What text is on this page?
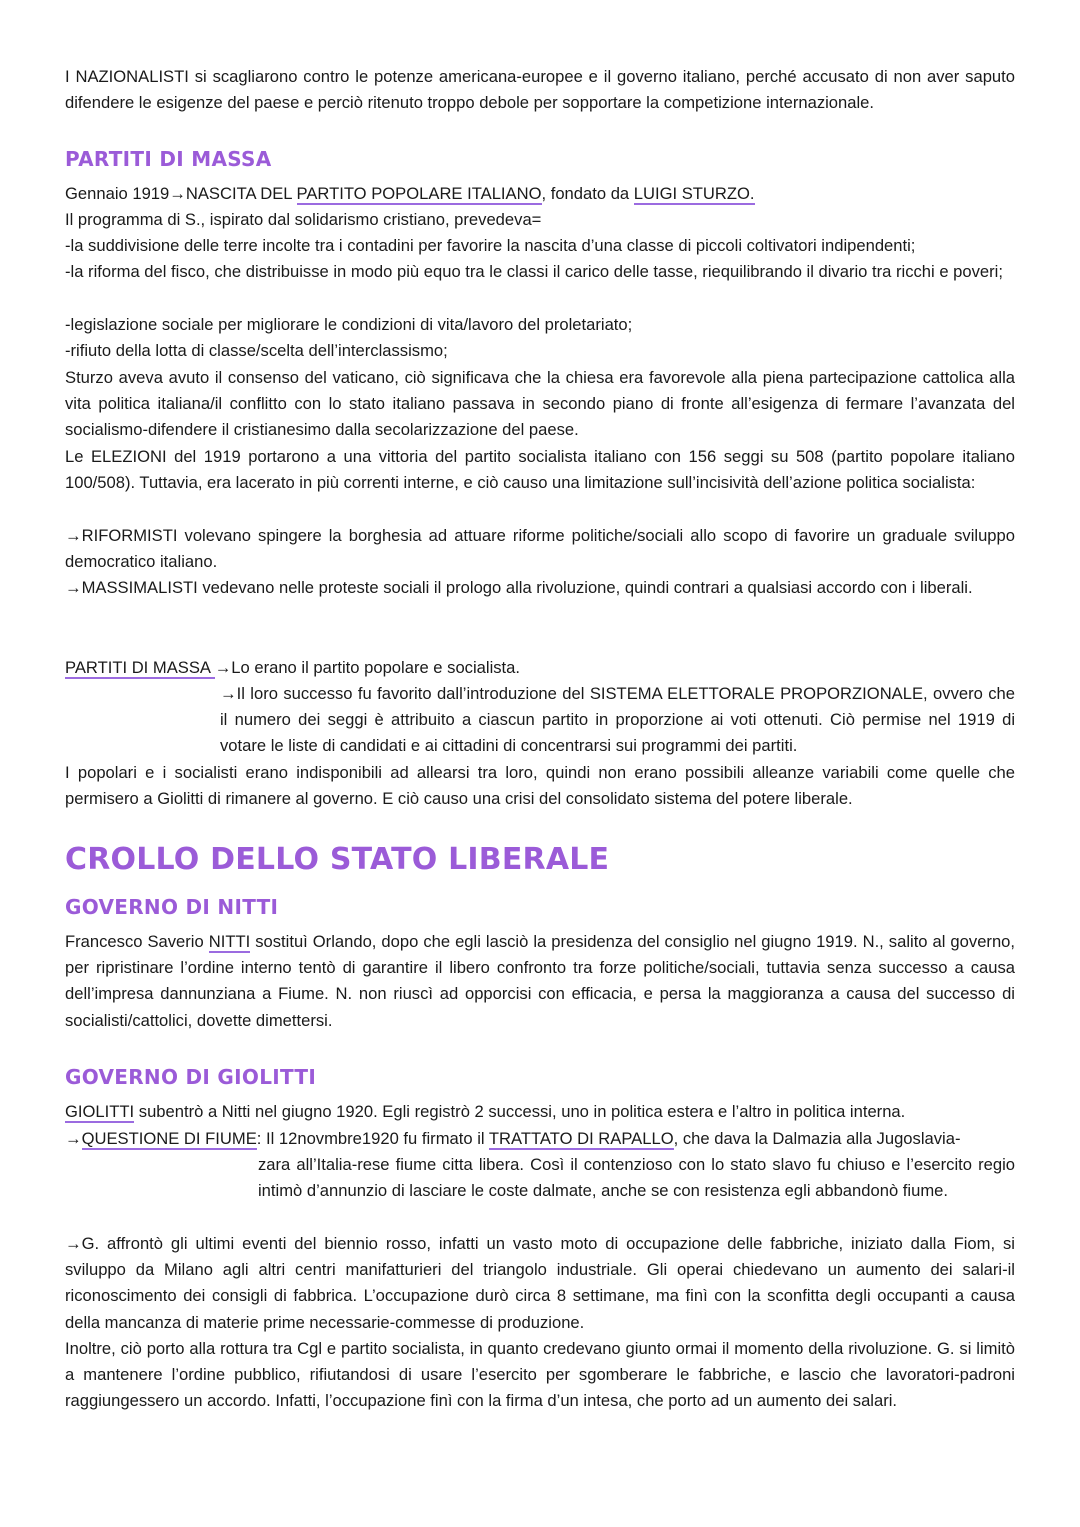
I NAZIONALISTI si scagliarono contro le potenze americana-europee e il governo italiano, perché accusato di non aver saputo difendere le esigenze del paese e perciò ritenuto troppo debole per sopportare la competizione internazionale.

PARTITI DI MASSA

Gennaio 1919→NASCITA DEL PARTITO POPOLARE ITALIANO, fondato da LUIGI STURZO.

Il programma di S., ispirato dal solidarismo cristiano, prevedeva=

-la suddivisione delle terre incolte tra i contadini per favorire la nascita d’una classe di piccoli coltivatori indipendenti;

-la riforma del fisco, che distribuisse in modo più equo tra le classi il carico delle tasse, riequilibrando il divario tra ricchi e poveri;

-legislazione sociale per migliorare le condizioni di vita/lavoro del proletariato;

-rifiuto della lotta di classe/scelta dell’interclassismo;

Sturzo aveva avuto il consenso del vaticano, ciò significava che la chiesa era favorevole alla piena partecipazione cattolica alla vita politica italiana/il conflitto con lo stato italiano passava in secondo piano di fronte all’esigenza di fermare l’avanzata del socialismo-difendere il cristianesimo dalla secolarizzazione del paese.

Le ELEZIONI del 1919 portarono a una vittoria del partito socialista italiano con 156 seggi su 508 (partito popolare italiano 100/508). Tuttavia, era lacerato in più correnti interne, e ciò causo una limitazione sull’incisività dell’azione politica socialista:

→RIFORMISTI volevano spingere la borghesia ad attuare riforme politiche/sociali allo scopo di favorire un graduale sviluppo democratico italiano.

→MASSIMALISTI vedevano nelle proteste sociali il prologo alla rivoluzione, quindi contrari a qualsiasi accordo con i liberali.

PARTITI DI MASSA →Lo erano il partito popolare e socialista.

→Il loro successo fu favorito dall’introduzione del SISTEMA ELETTORALE PROPORZIONALE, ovvero che il numero dei seggi è attribuito a ciascun partito in proporzione ai voti ottenuti. Ciò permise nel 1919 di votare le liste di candidati e ai cittadini di concentrarsi sui programmi dei partiti.

I popolari e i socialisti erano indisponibili ad allearsi tra loro, quindi non erano possibili alleanze variabili come quelle che permisero a Giolitti di rimanere al governo. E ciò causo una crisi del consolidato sistema del potere liberale.

CROLLO DELLO STATO LIBERALE
GOVERNO DI NITTI

Francesco Saverio NITTI sostituì Orlando, dopo che egli lasciò la presidenza del consiglio nel giugno 1919. N., salito al governo, per ripristinare l’ordine interno tentò di garantire il libero confronto tra forze politiche/sociali, tuttavia senza successo a causa dell’impresa dannunziana a Fiume. N. non riuscì ad opporcisi con efficacia, e persa la maggioranza a causa del successo di socialisti/cattolici, dovette dimettersi.

GOVERNO DI GIOLITTI

GIOLITTI subentrò a Nitti nel giugno 1920. Egli registrò 2 successi, uno in politica estera e l’altro in politica interna.

→QUESTIONE DI FIUME: Il 12novmbre1920 fu firmato il TRATTATO DI RAPALLO, che dava la Dalmazia alla Jugoslavia-

zara all’Italia-rese fiume citta libera. Così il contenzioso con lo stato slavo fu chiuso e l’esercito regio intimò d’annunzio di lasciare le coste dalmate, anche se con resistenza egli abbandonò fiume.

→G. affrontò gli ultimi eventi del biennio rosso, infatti un vasto moto di occupazione delle fabbriche, iniziato dalla Fiom, si sviluppo da Milano agli altri centri manifatturieri del triangolo industriale. Gli operai chiedevano un aumento dei salari-il riconoscimento dei consigli di fabbrica. L’occupazione durò circa 8 settimane, ma finì con la sconfitta degli occupanti a causa della mancanza di materie prime necessarie-commesse di produzione.

Inoltre, ciò porto alla rottura tra Cgl e partito socialista, in quanto credevano giunto ormai il momento della rivoluzione. G. si limitò a mantenere l’ordine pubblico, rifiutandosi di usare l’esercito per sgomberare le fabbriche, e lascio che lavoratori-padroni raggiungessero un accordo. Infatti, l’occupazione finì con la firma d’un intesa, che porto ad un aumento dei salari.
